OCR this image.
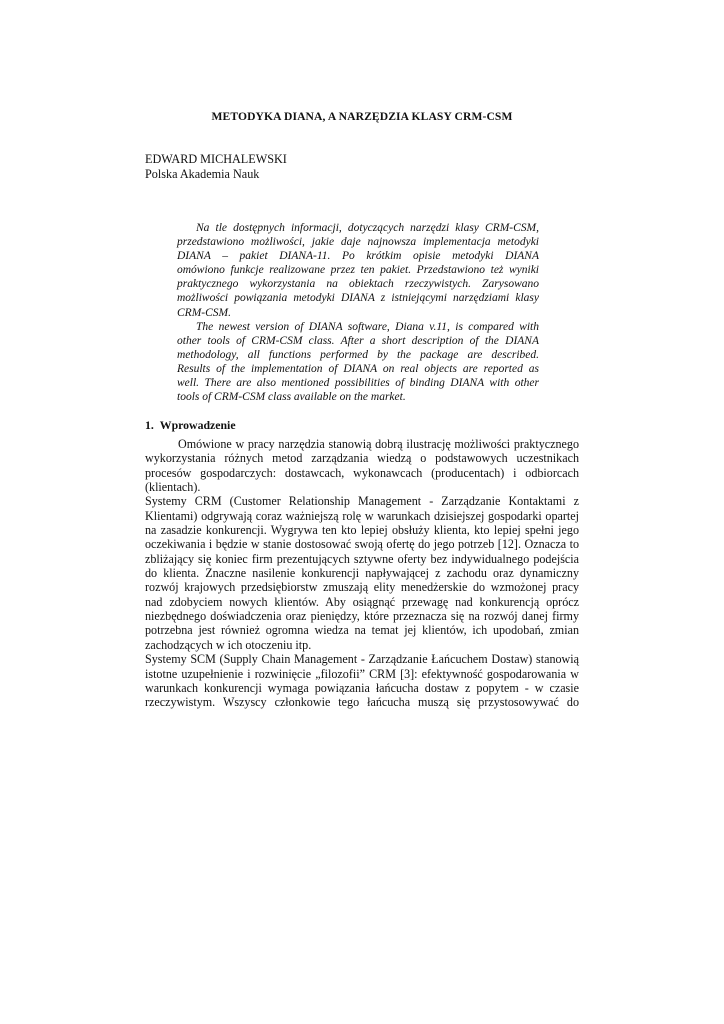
METODYKA DIANA, A NARZĘDZIA KLASY CRM-CSM
EDWARD MICHALEWSKI
Polska Akademia Nauk
Na tle dostępnych informacji, dotyczących narzędzi klasy CRM-CSM,
przedstawiono możliwości, jakie daje najnowsza implementacja metodyki
DIANA – pakiet DIANA-11. Po krótkim opisie metodyki DIANA
omówiono funkcje realizowane przez ten pakiet. Przedstawiono też wyniki
praktycznego wykorzystania na obiektach rzeczywistych. Zarysowano
możliwości powiązania metodyki DIANA z istniejącymi narzędziami klasy
CRM-CSM.
The newest version of DIANA software, Diana v.11, is compared with
other tools of CRM-CSM class. After a short description of the DIANA
methodology, all functions performed by the package are described.
Results of the implementation of DIANA on real objects are reported as
well. There are also mentioned possibilities of binding DIANA with other
tools of CRM-CSM class available on the market.
1. Wprowadzenie
Omówione w pracy narzędzia stanowią dobrą ilustrację możliwości praktycznego
wykorzystania różnych metod zarządzania wiedzą o podstawowych uczestnikach
procesów gospodarczych: dostawcach, wykonawcach (producentach) i odbiorcach
(klientach).
Systemy CRM (Customer Relationship Management - Zarządzanie Kontaktami z
Klientami) odgrywają coraz ważniejszą rolę w warunkach dzisiejszej gospodarki opartej
na zasadzie konkurencji. Wygrywa ten kto lepiej obsłuży klienta, kto lepiej spełni jego
oczekiwania i będzie w stanie dostosować swoją ofertę do jego potrzeb [12]. Oznacza to
zbliżający się koniec firm prezentujących sztywne oferty bez indywidualnego podejścia
do klienta. Znaczne nasilenie konkurencji napływającej z zachodu oraz dynamiczny
rozwój krajowych przedsiębiorstw zmuszają elity menedżerskie do wzmożonej pracy
nad zdobyciem nowych klientów. Aby osiągnąć przewagę nad konkurencją oprócz
niezbędnego doświadczenia oraz pieniędzy, które przeznacza się na rozwój danej firmy
potrzebna jest również ogromna wiedza na temat jej klientów, ich upodobań, zmian
zachodzących w ich otoczeniu itp.
Systemy SCM (Supply Chain Management - Zarządzanie Łańcuchem Dostaw) stanowią
istotne uzupełnienie i rozwinięcie „filozofii” CRM [3]: efektywność gospodarowania w
warunkach konkurencji wymaga powiązania łańcucha dostaw z popytem - w czasie
rzeczywistym. Wszyscy członkowie tego łańcucha muszą się przystosowywać do
